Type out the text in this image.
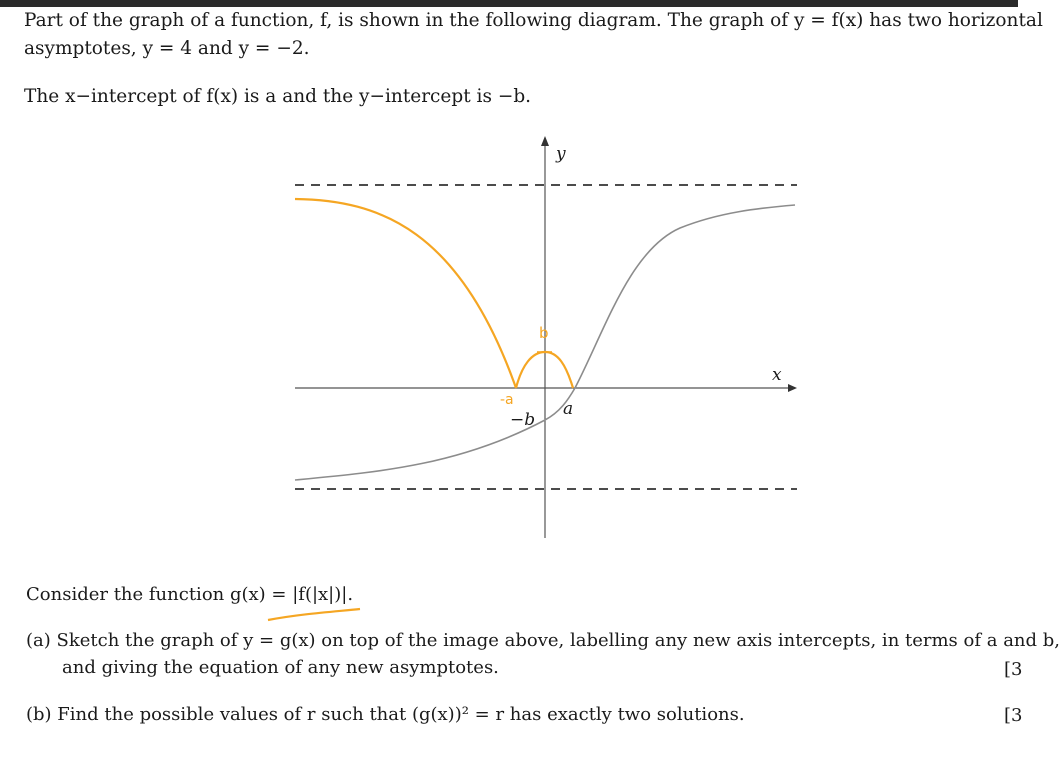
Part of the graph of a function, f, is shown in the following diagram. The graph of y = f(x) has two horizontal
asymptotes, y = 4 and y = −2.
The x−intercept of f(x) is a and the y−intercept is −b.
y
x
a
−b
b
-a
Consider the function g(x) = |f(|x|)|.
(a) Sketch the graph of y = g(x) on top of the image above, labelling any new axis intercepts, in terms of a and b,
and giving the equation of any new asymptotes.	[3
(b) Find the possible values of r such that (g(x))² = r has exactly two solutions.	[3
